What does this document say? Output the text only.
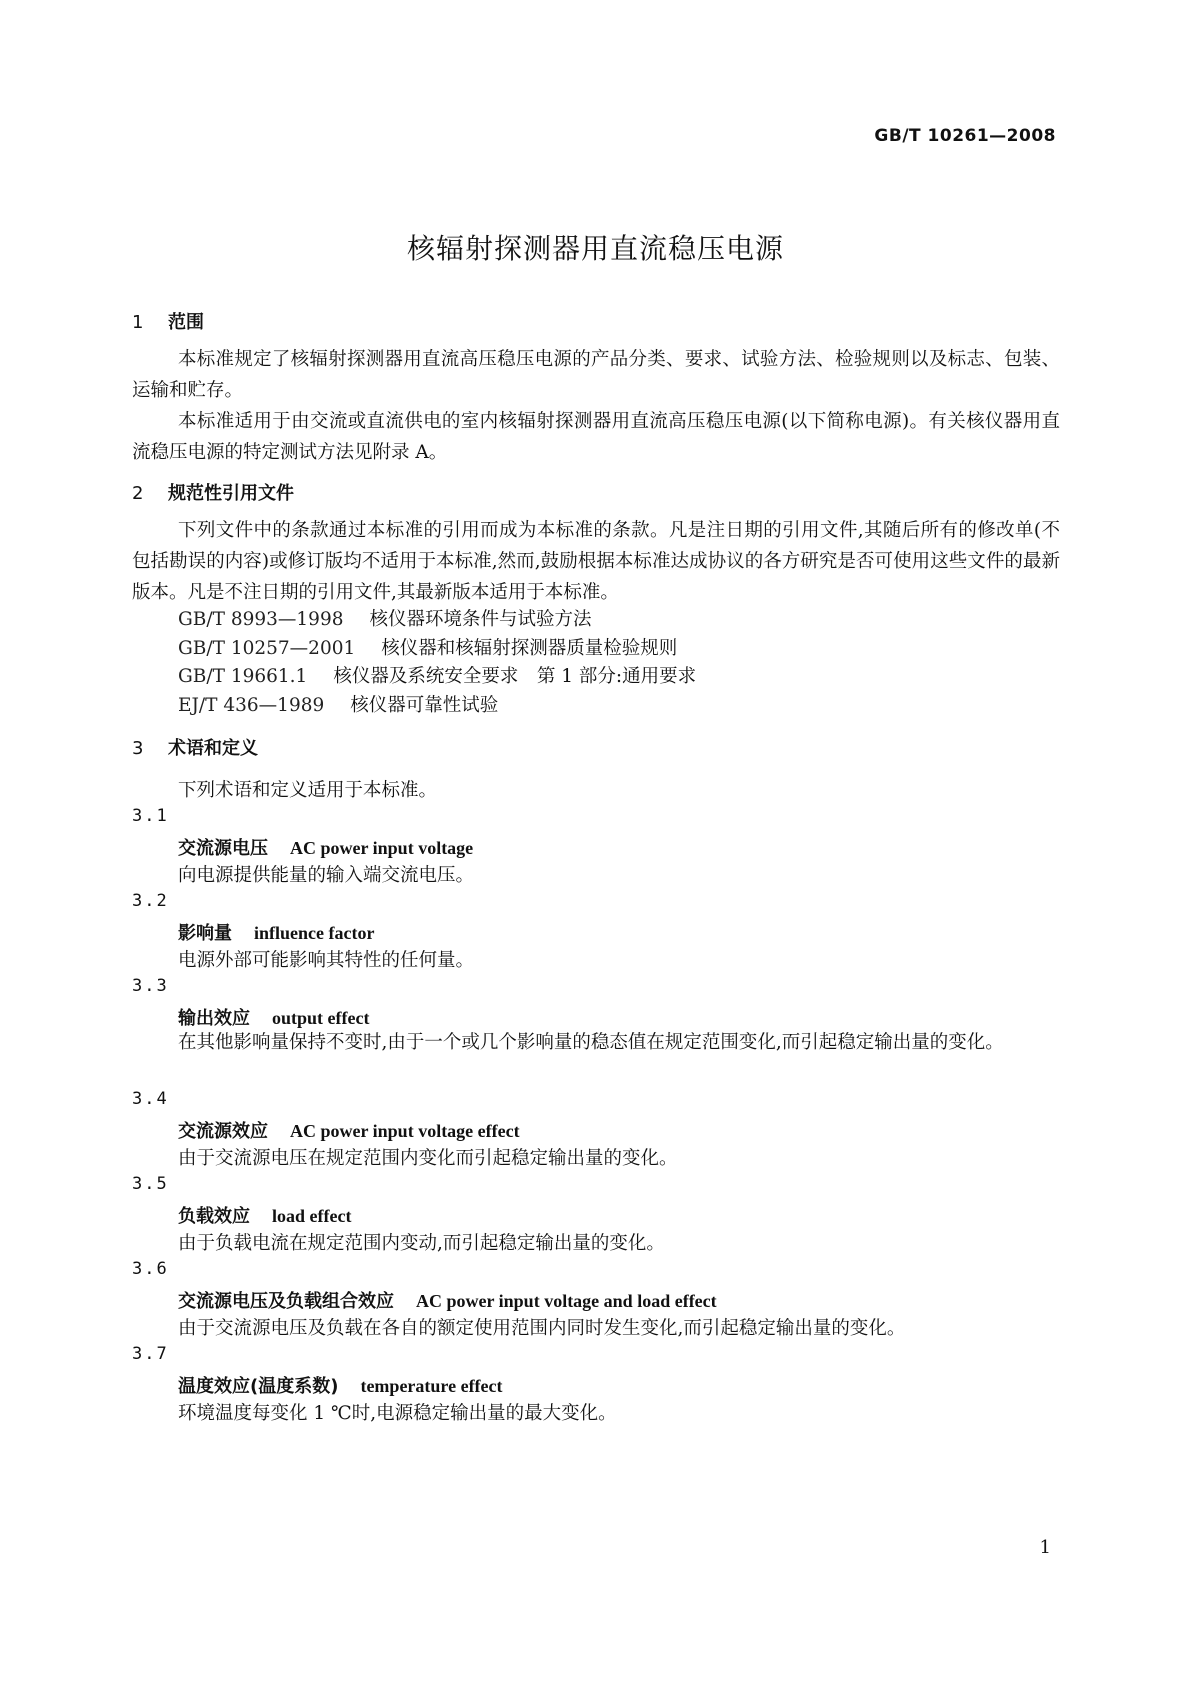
GB/T 10261—2008
核辐射探测器用直流稳压电源
1 范围
本标准规定了核辐射探测器用直流高压稳压电源的产品分类、要求、试验方法、检验规则以及标志、包装、运输和贮存。
本标准适用于由交流或直流供电的室内核辐射探测器用直流高压稳压电源(以下简称电源)。有关核仪器用直流稳压电源的特定测试方法见附录 A。
2 规范性引用文件
下列文件中的条款通过本标准的引用而成为本标准的条款。凡是注日期的引用文件,其随后所有的修改单(不包括勘误的内容)或修订版均不适用于本标准,然而,鼓励根据本标准达成协议的各方研究是否可使用这些文件的最新版本。凡是不注日期的引用文件,其最新版本适用于本标准。
GB/T 8993—1998 核仪器环境条件与试验方法
GB/T 10257—2001 核仪器和核辐射探测器质量检验规则
GB/T 19661.1 核仪器及系统安全要求　第 1 部分:通用要求
EJ/T 436—1989 核仪器可靠性试验
3 术语和定义
下列术语和定义适用于本标准。
3.1
交流源电压 AC power input voltage
向电源提供能量的输入端交流电压。
3.2
影响量 influence factor
电源外部可能影响其特性的任何量。
3.3
输出效应 output effect
在其他影响量保持不变时,由于一个或几个影响量的稳态值在规定范围变化,而引起稳定输出量的变化。
3.4
交流源效应 AC power input voltage effect
由于交流源电压在规定范围内变化而引起稳定输出量的变化。
3.5
负载效应 load effect
由于负载电流在规定范围内变动,而引起稳定输出量的变化。
3.6
交流源电压及负载组合效应 AC power input voltage and load effect
由于交流源电压及负载在各自的额定使用范围内同时发生变化,而引起稳定输出量的变化。
3.7
温度效应(温度系数) temperature effect
环境温度每变化 1 ℃时,电源稳定输出量的最大变化。
1
